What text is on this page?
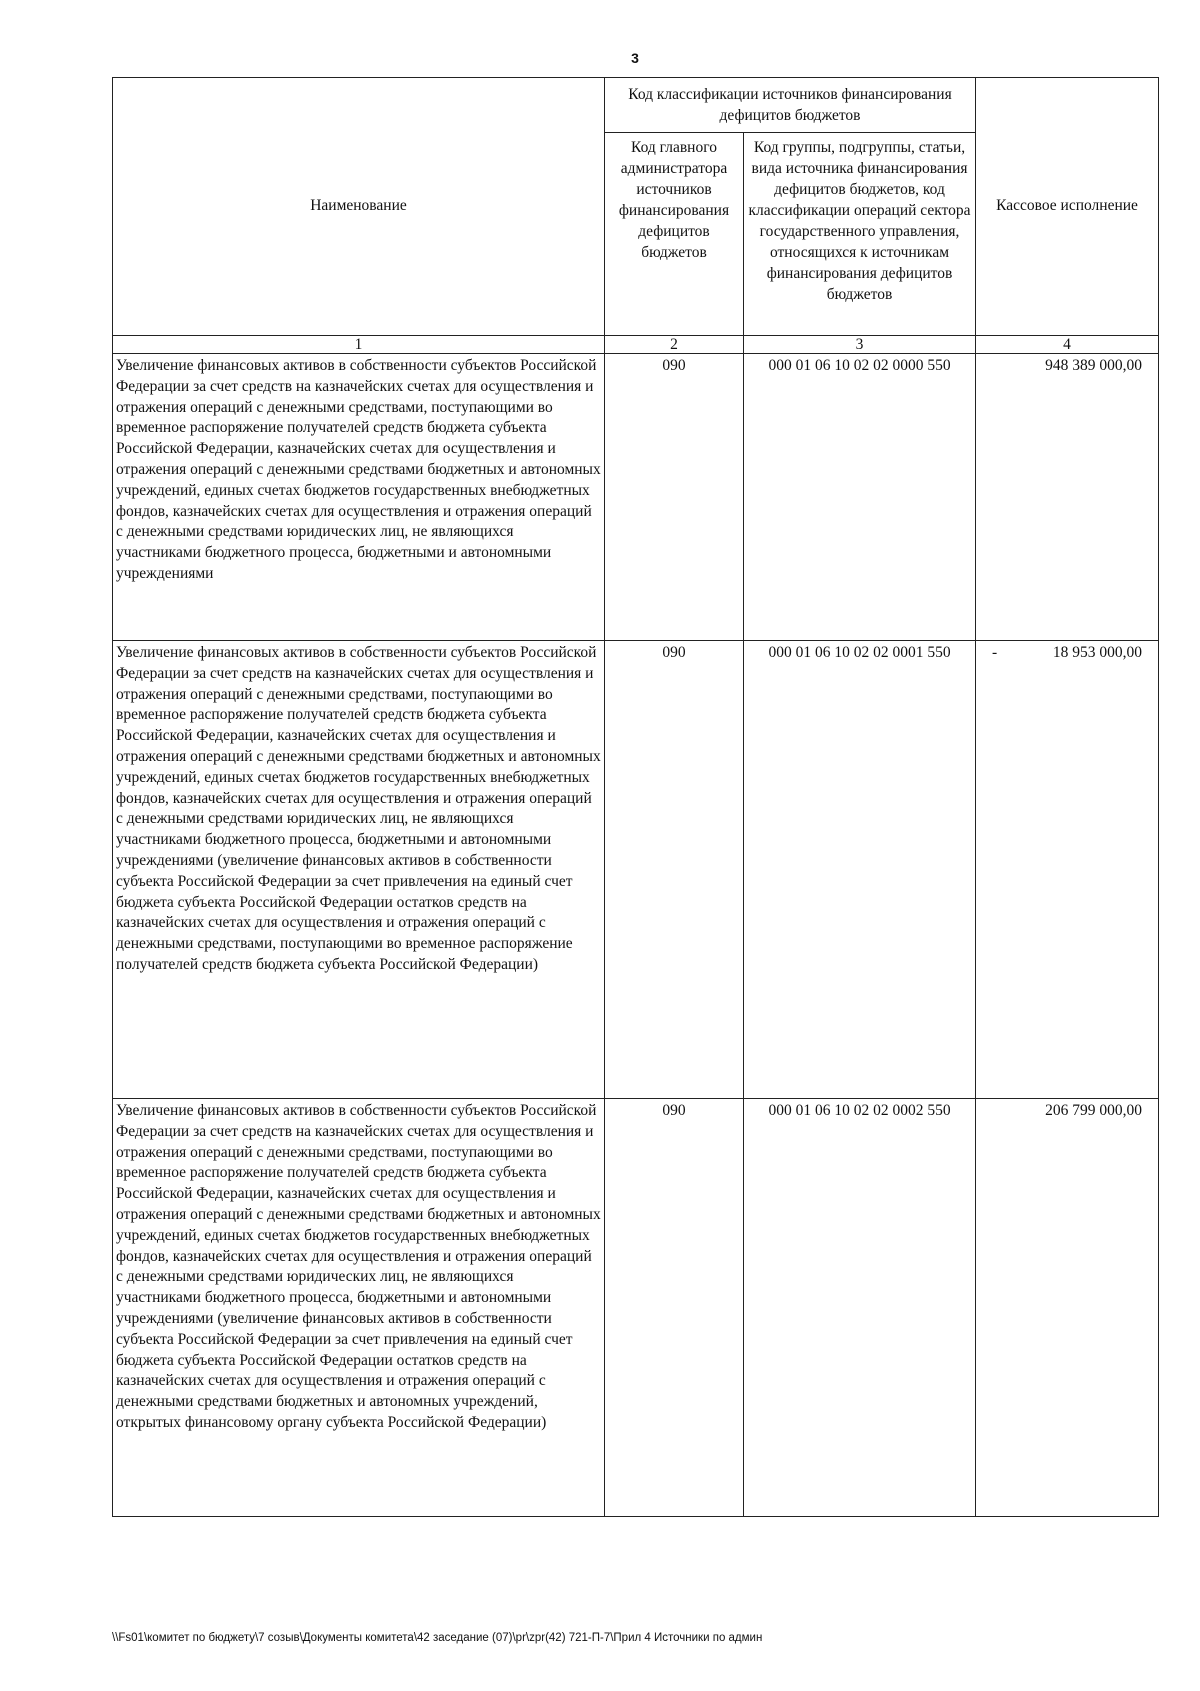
3
Наименование	Код классификации источников финансирования дефицитов бюджетов		Кассовое исполнение
	Код главного администратора источников финансирования дефицитов бюджетов	Код группы, подгруппы, статьи, вида источника финансирования дефицитов бюджетов, код классификации операций сектора государственного управления, относящихся к источникам финансирования дефицитов бюджетов	
1	2	3	4
Увеличение финансовых активов в собственности субъектов Российской Федерации за счет средств на казначейских счетах для осуществления и отражения операций с денежными средствами, поступающими во временное распоряжение получателей средств бюджета субъекта Российской Федерации, казначейских счетах для осуществления и отражения операций с денежными средствами бюджетных и автономных учреждений, единых счетах бюджетов государственных внебюджетных фондов, казначейских счетах для осуществления и отражения операций с денежными средствами юридических лиц, не являющихся участниками бюджетного процесса, бюджетными и автономными учреждениями	090	000 01 06 10 02 02 0000 550	948 389 000,00
Увеличение финансовых активов в собственности субъектов Российской Федерации за счет средств на казначейских счетах для осуществления и отражения операций с денежными средствами, поступающими во временное распоряжение получателей средств бюджета субъекта Российской Федерации, казначейских счетах для осуществления и отражения операций с денежными средствами бюджетных и автономных учреждений, единых счетах бюджетов государственных внебюджетных фондов, казначейских счетах для осуществления и отражения операций с денежными средствами юридических лиц, не являющихся участниками бюджетного процесса, бюджетными и автономными учреждениями (увеличение финансовых активов в собственности субъекта Российской Федерации за счет привлечения на единый счет бюджета субъекта Российской Федерации остатков средств на казначейских счетах для осуществления и отражения операций с денежными средствами, поступающими во временное распоряжение получателей средств бюджета субъекта Российской Федерации)	090	000 01 06 10 02 02 0001 550	- 18 953 000,00
Увеличение финансовых активов в собственности субъектов Российской Федерации за счет средств на казначейских счетах для осуществления и отражения операций с денежными средствами, поступающими во временное распоряжение получателей средств бюджета субъекта Российской Федерации, казначейских счетах для осуществления и отражения операций с денежными средствами бюджетных и автономных учреждений, единых счетах бюджетов государственных внебюджетных фондов, казначейских счетах для осуществления и отражения операций с денежными средствами юридических лиц, не являющихся участниками бюджетного процесса, бюджетными и автономными учреждениями (увеличение финансовых активов в собственности субъекта Российской Федерации за счет привлечения на единый счет бюджета субъекта Российской Федерации остатков средств на казначейских счетах для осуществления и отражения операций с денежными средствами бюджетных и автономных учреждений, открытых финансовому органу субъекта Российской Федерации)	090	000 01 06 10 02 02 0002 550	206 799 000,00
\\Fs01\комитет по бюджету\7 созыв\Документы комитета\42 заседание (07)\pr\zpr(42) 721-П-7\Прил 4 Источники по админ
